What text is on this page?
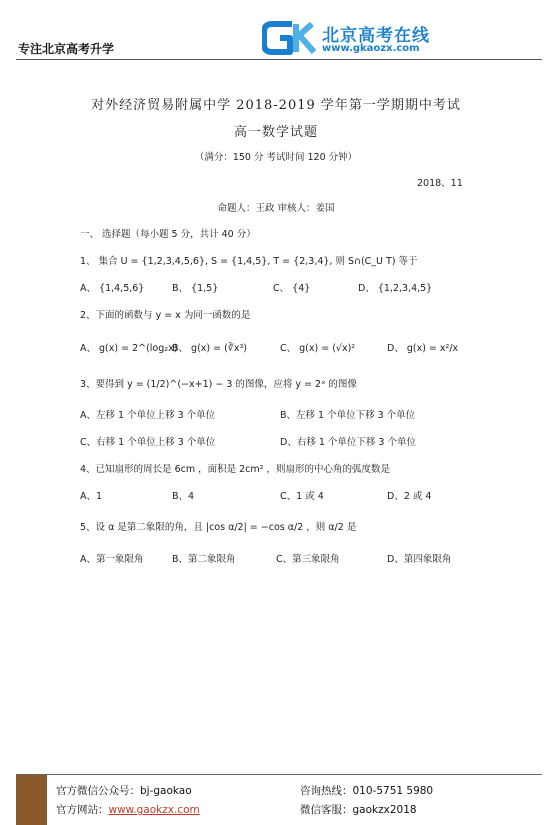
专注北京高考升学
北京高考在线
www.gkaozx.com
对外经济贸易附属中学 2018-2019 学年第一学期期中考试
高一数学试题
（满分：150 分 考试时间 120 分钟）
2018、11
命题人：王政 审核人：姜国
一、 选择题（每小题 5 分，共计 40 分）
1、 集合 U = {1,2,3,4,5,6}, S = {1,4,5}, T = {2,3,4}, 则 S∩(C_U T) 等于
A、 {1,4,5,6}	B、 {1,5}	C、 {4}	D、 {1,2,3,4,5}
2、下面的函数与 y = x 为同一函数的是
A、 g(x) = 2^(log₂x)
B、 g(x) = (∛x³)	C、 g(x) = (√x)²	D、 g(x) = x²/x
3、要得到 y = (1/2)^(−x+1) − 3 的图像，应将 y = 2ˣ 的图像
A、左移 1 个单位上移 3 个单位	B、左移 1 个单位下移 3 个单位
C、右移 1 个单位上移 3 个单位	D、右移 1 个单位下移 3 个单位
4、已知扇形的周长是 6cm ，面积是 2cm² ，则扇形的中心角的弧度数是
A、1	B、4	C、1 或 4	D、2 或 4
5、设 α 是第二象限的角，且 |cos α/2| = −cos α/2 ，则 α/2 是
A、第一象限角	B、第二象限角	C、第三象限角	D、第四象限角
官方微信公众号：bj-gaokao
官方网站：www.gaokzx.com
咨询热线：010-5751 5980
微信客服：gaokzx2018
